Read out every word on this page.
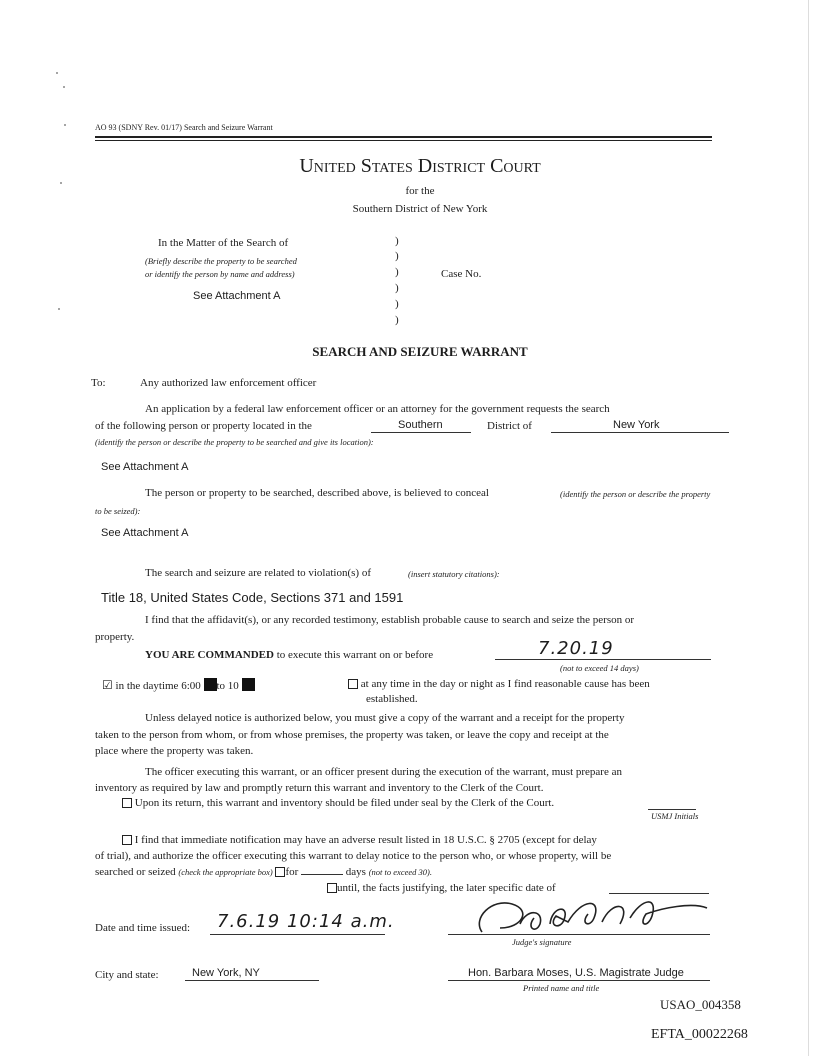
AO 93 (SDNY Rev. 01/17) Search and Seizure Warrant
United States District Court
for the
Southern District of New York
In the Matter of the Search of
(Briefly describe the property to be searched
or identify the person by name and address)
See Attachment A
)
)
)
)
)
)
Case No.
SEARCH AND SEIZURE WARRANT
To:	Any authorized law enforcement officer
An application by a federal law enforcement officer or an attorney for the government requests the search
of the following person or property located in the	Southern	District of	New York
(identify the person or describe the property to be searched and give its location):
See Attachment A
The person or property to be searched, described above, is believed to conceal	(identify the person or describe the property
to be seized):
See Attachment A
The search and seizure are related to violation(s) of	(insert statutory citations):
Title 18, United States Code, Sections 371 and 1591
I find that the affidavit(s), or any recorded testimony, establish probable cause to search and seize the person or
property.
YOU ARE COMMANDED to execute this warrant on or before	7.20.19
(not to exceed 14 days)
☑ in the daytime 6:00 to 10	at any time in the day or night as I find reasonable cause has been
established.
Unless delayed notice is authorized below, you must give a copy of the warrant and a receipt for the property
taken to the person from whom, or from whose premises, the property was taken, or leave the copy and receipt at the
place where the property was taken.
The officer executing this warrant, or an officer present during the execution of the warrant, must prepare an
inventory as required by law and promptly return this warrant and inventory to the Clerk of the Court.
Upon its return, this warrant and inventory should be filed under seal by the Clerk of the Court.
USMJ Initials
I find that immediate notification may have an adverse result listed in 18 U.S.C. § 2705 (except for delay
of trial), and authorize the officer executing this warrant to delay notice to the person who, or whose property, will be
searched or seized (check the appropriate box) for	days (not to exceed 30).
until, the facts justifying, the later specific date of
Date and time issued: 7.6.19 10:14 a.m.
Judge's signature
City and state:	New York, NY	Hon. Barbara Moses, U.S. Magistrate Judge
Printed name and title
USAO_004358
EFTA_00022268
